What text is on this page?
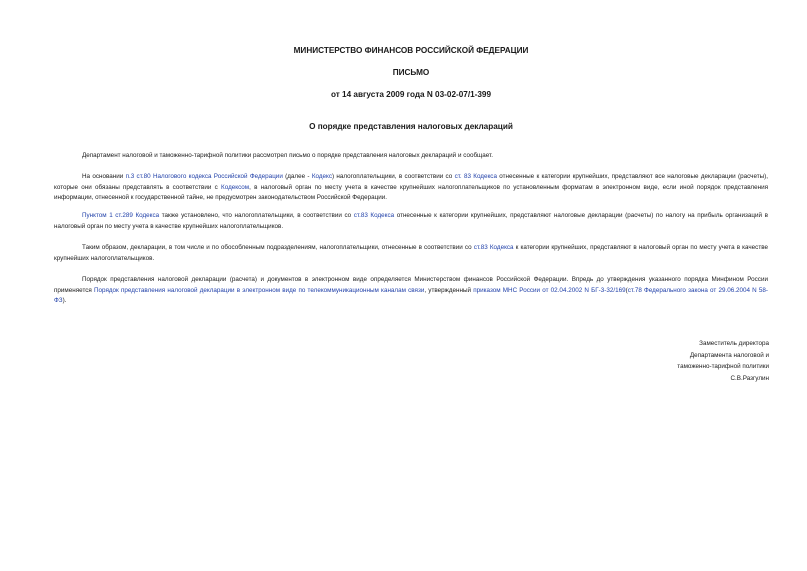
МИНИСТЕРСТВО ФИНАНСОВ РОССИЙСКОЙ ФЕДЕРАЦИИ
ПИСЬМО
от 14 августа 2009 года N 03-02-07/1-399
О порядке представления налоговых деклараций
Департамент налоговой и таможенно-тарифной политики рассмотрел письмо о порядке представления налоговых деклараций и сообщает.
На основании п.3 ст.80 Налогового кодекса Российской Федерации (далее - Кодекс) налогоплательщики, в соответствии со ст. 83 Кодекса отнесенные к категории крупнейших, представляют все налоговые декларации (расчеты), которые они обязаны представлять в соответствии с Кодексом, в налоговый орган по месту учета в качестве крупнейших налогоплательщиков по установленным форматам в электронном виде, если иной порядок представления информации, отнесенной к государственной тайне, не предусмотрен законодательством Российской Федерации.
Пунктом 1 ст.289 Кодекса также установлено, что налогоплательщики, в соответствии со ст.83 Кодекса отнесенные к категории крупнейших, представляют налоговые декларации (расчеты) по налогу на прибыль организаций в налоговый орган по месту учета в качестве крупнейших налогоплательщиков.
Таким образом, декларации, в том числе и по обособленным подразделениям, налогоплательщики, отнесенные в соответствии со ст.83 Кодекса к категории крупнейших, представляют в налоговый орган по месту учета в качестве крупнейших налогоплательщиков.
Порядок представления налоговой декларации (расчета) и документов в электронном виде определяется Министерством финансов Российской Федерации. Впредь до утверждения указанного порядка Минфином России применяется Порядок представления налоговой декларации в электронном виде по телекоммуникационным каналам связи, утвержденный приказом МНС России от 02.04.2002 N БГ-3-32/169(ст.78 Федерального закона от 29.06.2004 N 58-ФЗ).
Заместитель директора
Департамента налоговой и
таможенно-тарифной политики
С.В.Разгулин
